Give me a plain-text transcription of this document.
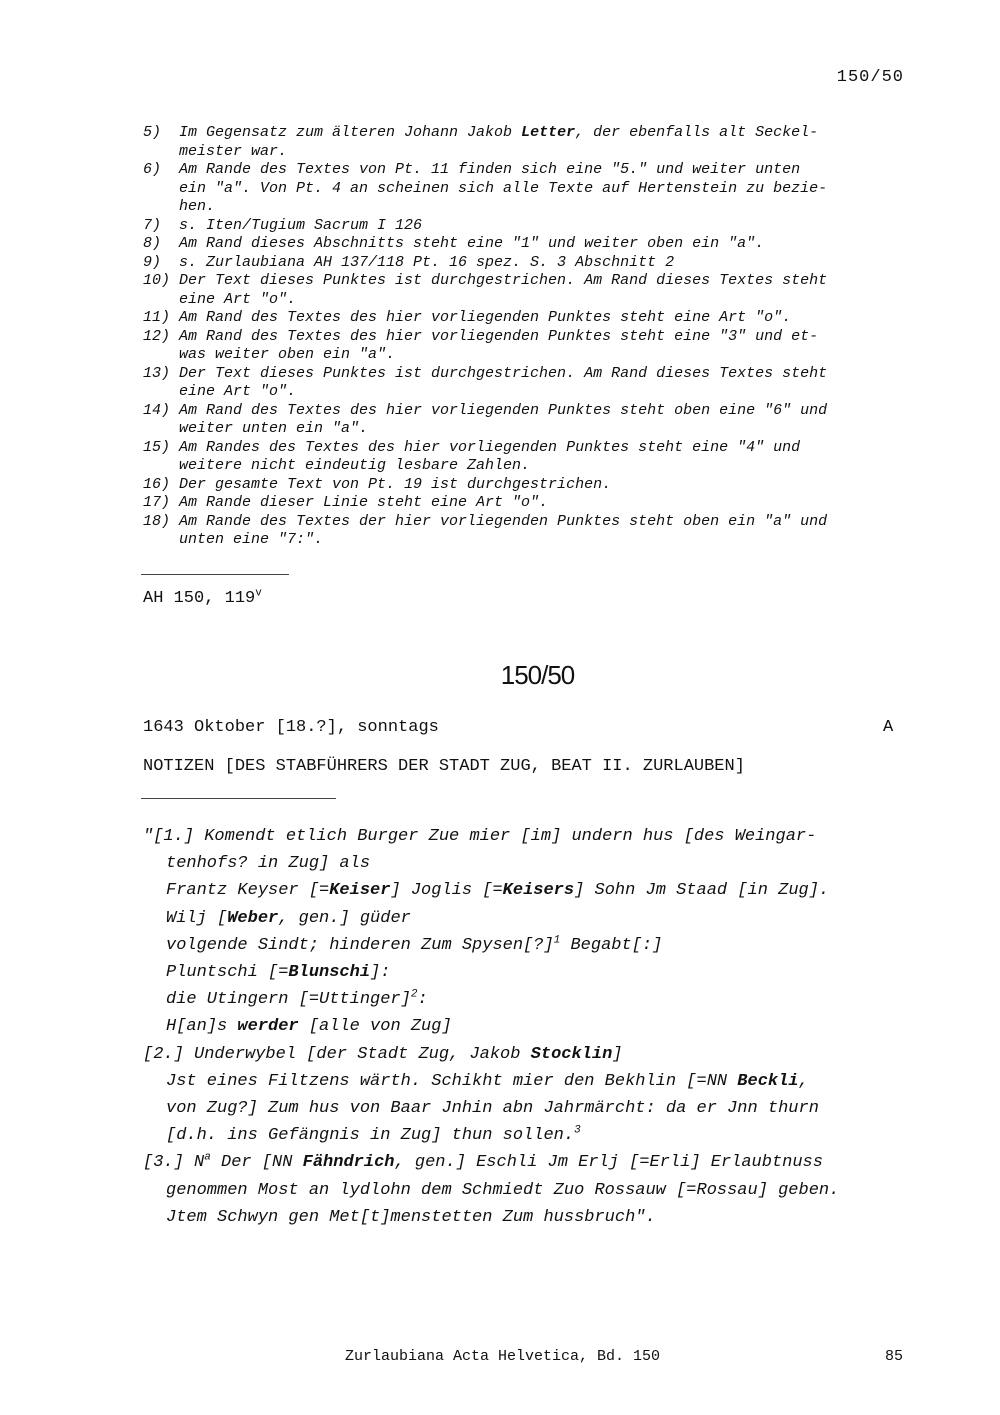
150/50
5)	Im Gegensatz zum älteren Johann Jakob Letter, der ebenfalls alt Seckel-
meister war.
6)	Am Rande des Textes von Pt. 11 finden sich eine "5." und weiter unten
ein "a". Von Pt. 4 an scheinen sich alle Texte auf Hertenstein zu bezie-
hen.
7)	s. Iten/Tugium Sacrum I 126
8)	Am Rand dieses Abschnitts steht eine "1" und weiter oben ein "a".
9)	s. Zurlaubiana AH 137/118 Pt. 16 spez. S. 3 Abschnitt 2
10) Der Text dieses Punktes ist durchgestrichen. Am Rand dieses Textes steht
eine Art "o".
11) Am Rand des Textes des hier vorliegenden Punktes steht eine Art "o".
12) Am Rand des Textes des hier vorliegenden Punktes steht eine "3" und et-
was weiter oben ein "a".
13) Der Text dieses Punktes ist durchgestrichen. Am Rand dieses Textes steht
eine Art "o".
14) Am Rand des Textes des hier vorliegenden Punktes steht oben eine "6" und
weiter unten ein "a".
15) Am Randes des Textes des hier vorliegenden Punktes steht eine "4" und
weitere nicht eindeutig lesbare Zahlen.
16) Der gesamte Text von Pt. 19 ist durchgestrichen.
17) Am Rande dieser Linie steht eine Art "o".
18) Am Rande des Textes der hier vorliegenden Punktes steht oben ein "a" und
unten eine "7:".
AH 150, 119$^v$
150/50
1643 Oktober [18.?], sonntags	A
NOTIZEN [DES STABFÜHRERS DER STADT ZUG, BEAT II. ZURLAUBEN]
"[1.] Komendt etlich Burger Zue mier [im] undern hus [des Weingar-
tenhofs? in Zug] als
Frantz Keyser [=Keiser] Joglis [=Keisers] Sohn Jm Staad [in Zug].
Wilj [Weber, gen.] güder
volgende Sindt; hinderen Zum Spysen[?]$^1$ Begabt[:]
Pluntschi [=Blunschi]:
die Utingern [=Uttinger]$^2$:
H[an]s werder [alle von Zug]
[2.] Underwybel [der Stadt Zug, Jakob Stocklin]
Jst eines Filtzens wärth. Schikht mier den Bekhlin [=NN Beckli,
von Zug?] Zum hus von Baar Jnhin abn Jahrmärcht: da er Jnn thurn
[d.h. ins Gefängnis in Zug] thun sollen.$^3$
[3.] $N^a$ Der [NN Fähndrich, gen.] Eschli Jm Erlj [=Erli] Erlaubtnuss
genommen Most an lydlohn dem Schmiedt Zuo Rossauw [=Rossau] geben.
Jtem Schwyn gen Met[t]menstetten Zum hussbruch".
Zurlaubiana Acta Helvetica, Bd. 150	85
